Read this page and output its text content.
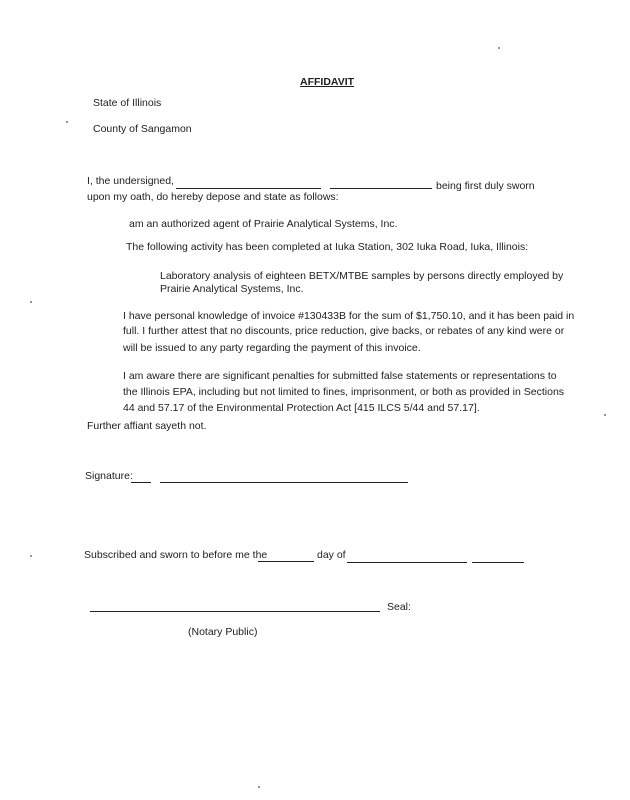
AFFIDAVIT
State of Illinois
County of Sangamon
I, the undersigned,	being first duly sworn
upon my oath, do hereby depose and state as follows:
am an authorized agent of Prairie Analytical Systems, Inc.
The following activity has been completed at Iuka Station, 302 Iuka Road, Iuka, Illinois:
Laboratory analysis of eighteen BETX/MTBE samples by persons directly employed by
Prairie Analytical Systems, Inc.
I have personal knowledge of invoice #130433B for the sum of $1,750.10, and it has been paid in
full. I further attest that no discounts, price reduction, give backs, or rebates of any kind were or
will be issued to any party regarding the payment of this invoice.
I am aware there are significant penalties for submitted false statements or representations to
the Illinois EPA, including but not limited to fines, imprisonment, or both as provided in Sections
44 and 57.17 of the Environmental Protection Act [415 ILCS 5/44 and 57.17].
Further affiant sayeth not.
Signature:
Subscribed and sworn to before me the	day of
Seal:
(Notary Public)
